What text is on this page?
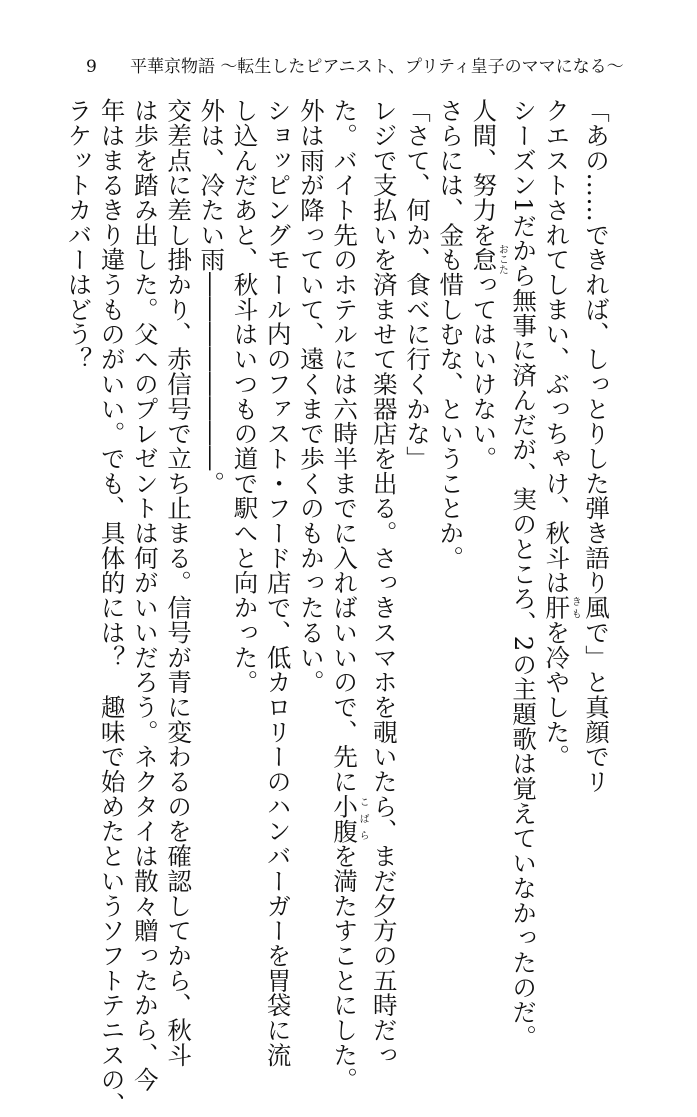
9 平華京物語 〜転生したピアニスト、プリティ皇子のママになる〜
「あの……できれば、しっとりした弾き語り風で」と真顔でリ
クエストされてしまい、ぶっちゃけ、秋斗は肝きもを冷やした。
シーズン1だから無事に済んだが、実のところ、2の主題歌は覚えていなかったのだ。
人間、努力を怠おこたってはいけない。
さらには、金も惜しむな、ということか。
「さて、何か、食べに行くかな」
レジで支払いを済ませて楽器店を出る。さっきスマホを覗いたら、まだ夕方の五時だっ
た。バイト先のホテルには六時半までに入ればいいので、先に小腹こばらを満たすことにした。
外は雨が降っていて、遠くまで歩くのもかったるい。
ショッピングモール内のファスト・フード店で、低カロリーのハンバーガーを胃袋に流
し込んだあと、秋斗はいつもの道で駅へと向かった。
外は、冷たい雨――――――――。
交差点に差し掛かり、赤信号で立ち止まる。信号が青に変わるのを確認してから、秋斗
は歩を踏み出した。父へのプレゼントは何がいいだろう。ネクタイは散々贈ったから、今
年はまるきり違うものがいい。でも、具体的には？　趣味で始めたというソフトテニスの、
ラケットカバーはどう？
